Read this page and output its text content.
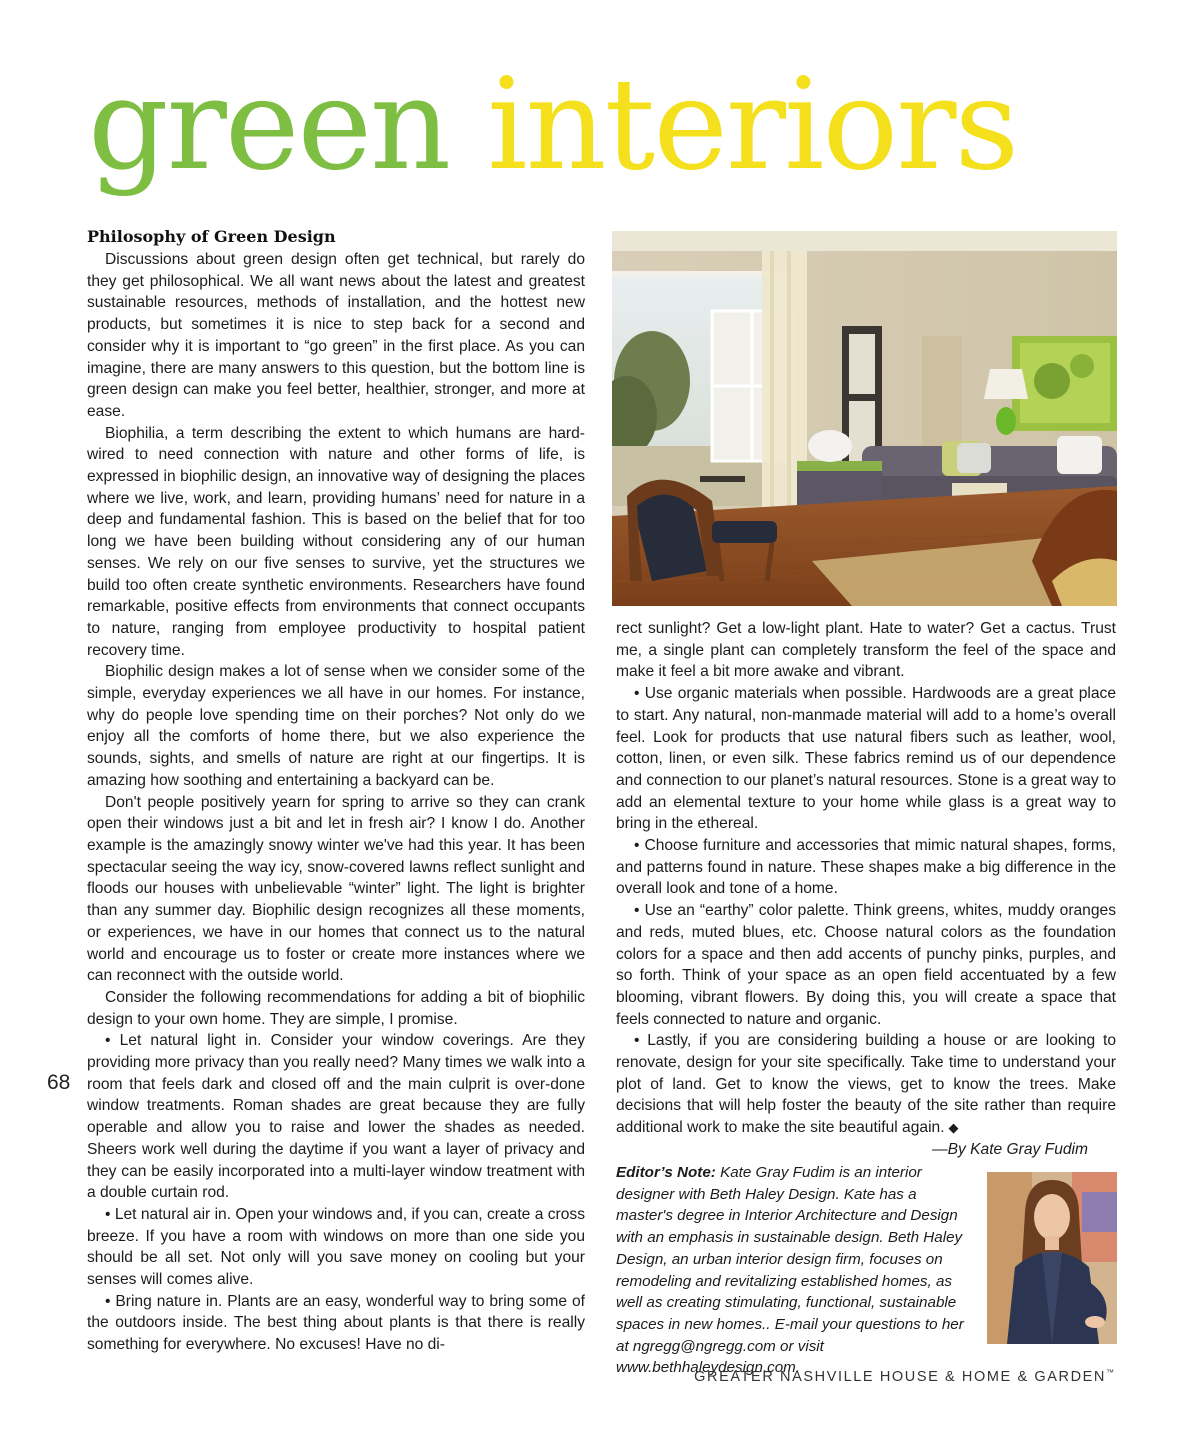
green interiors
Philosophy of Green Design

Discussions about green design often get technical, but rarely do they get philosophical. We all want news about the latest and greatest sustainable resources, methods of installation, and the hottest new products, but sometimes it is nice to step back for a second and consider why it is important to “go green” in the first place. As you can imagine, there are many answers to this question, but the bottom line is green design can make you feel better, healthier, stronger, and more at ease.

Biophilia, a term describing the extent to which humans are hard-wired to need connection with nature and other forms of life, is expressed in biophilic design, an innovative way of designing the places where we live, work, and learn, providing humans’ need for nature in a deep and fundamental fashion. This is based on the belief that for too long we have been building without considering any of our human senses. We rely on our five senses to survive, yet the structures we build too often create synthetic environments. Researchers have found remarkable, positive effects from environments that connect occupants to nature, ranging from employee productivity to hospital patient recovery time.

Biophilic design makes a lot of sense when we consider some of the simple, everyday experiences we all have in our homes. For instance, why do people love spending time on their porches? Not only do we enjoy all the comforts of home there, but we also experience the sounds, sights, and smells of nature are right at our fingertips. It is amazing how soothing and entertaining a backyard can be.

Don't people positively yearn for spring to arrive so they can crank open their windows just a bit and let in fresh air? I know I do. Another example is the amazingly snowy winter we've had this year. It has been spectacular seeing the way icy, snow-covered lawns reflect sunlight and floods our houses with unbelievable “winter” light. The light is brighter than any summer day. Biophilic design recognizes all these moments, or experiences, we have in our homes that connect us to the natural world and encourage us to foster or create more instances where we can reconnect with the outside world.

Consider the following recommendations for adding a bit of biophilic design to your own home. They are simple, I promise.

• Let natural light in. Consider your window coverings. Are they providing more privacy than you really need? Many times we walk into a room that feels dark and closed off and the main culprit is over-done window treatments. Roman shades are great because they are fully operable and allow you to raise and lower the shades as needed. Sheers work well during the daytime if you want a layer of privacy and they can be easily incorporated into a multi-layer window treatment with a double curtain rod.

• Let natural air in. Open your windows and, if you can, create a cross breeze. If you have a room with windows on more than one side you should be all set. Not only will you save money on cooling but your senses will comes alive.

• Bring nature in. Plants are an easy, wonderful way to bring some of the outdoors inside. The best thing about plants is that there is really something for everywhere. No excuses! Have no di-

rect sunlight? Get a low-light plant. Hate to water? Get a cactus. Trust me, a single plant can completely transform the feel of the space and make it feel a bit more awake and vibrant.

• Use organic materials when possible. Hardwoods are a great place to start. Any natural, non-manmade material will add to a home’s overall feel. Look for products that use natural fibers such as leather, wool, cotton, linen, or even silk. These fabrics remind us of our dependence and connection to our planet’s natural resources. Stone is a great way to add an elemental texture to your home while glass is a great way to bring in the ethereal.

• Choose furniture and accessories that mimic natural shapes, forms, and patterns found in nature. These shapes make a big difference in the overall look and tone of a home.

• Use an “earthy” color palette. Think greens, whites, muddy oranges and reds, muted blues, etc. Choose natural colors as the foundation colors for a space and then add accents of punchy pinks, purples, and so forth. Think of your space as an open field accentuated by a few blooming, vibrant flowers. By doing this, you will create a space that feels connected to nature and organic.

• Lastly, if you are considering building a house or are looking to renovate, design for your site specifically. Take time to understand your plot of land. Get to know the views, get to know the trees. Make decisions that will help foster the beauty of the site rather than require additional work to make the site beautiful again. ◆

—By Kate Gray Fudim

Editor’s Note: Kate Gray Fudim is an interior designer with Beth Haley Design. Kate has a master's degree in Interior Architecture and Design with an emphasis in sustainable design. Beth Haley Design, an urban interior design firm, focuses on remodeling and revitalizing established homes, as well as creating stimulating, functional, sustainable spaces in new homes.. E-mail your questions to her at ngregg@ngregg.com or visit www.bethhaleydesign.com.

68
GREATER NASHVILLE HOUSE & HOME & GARDEN™
